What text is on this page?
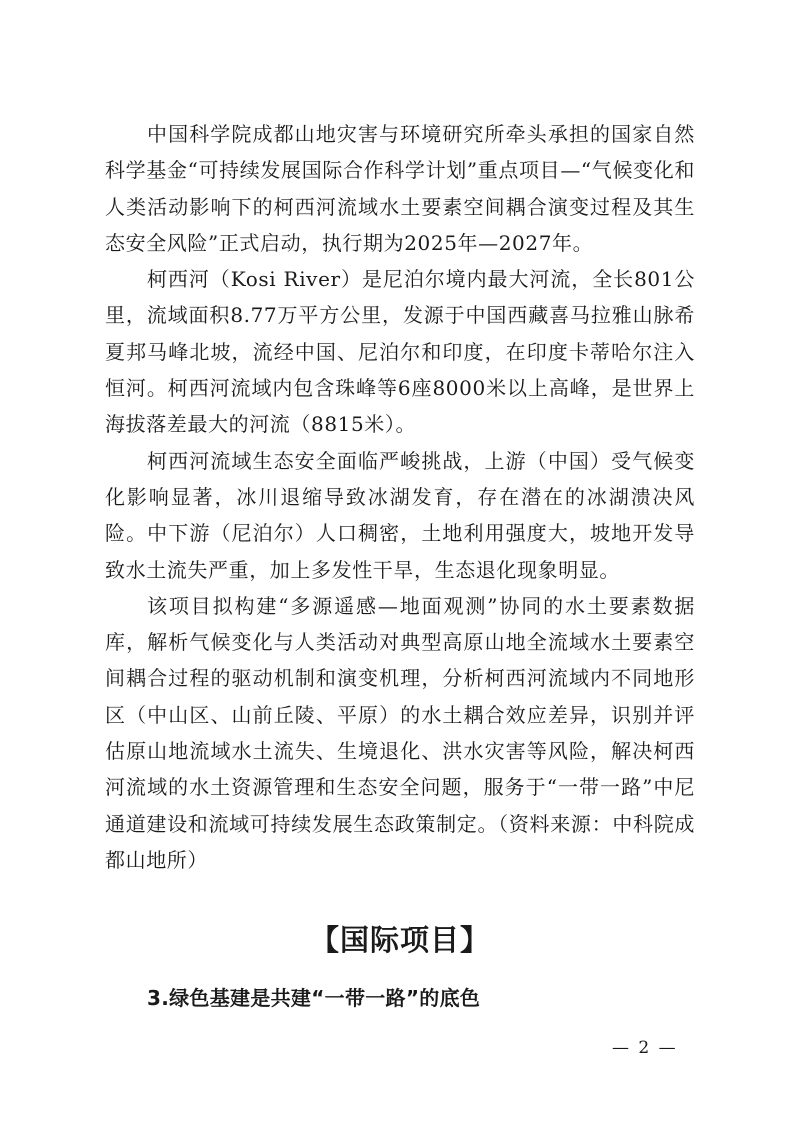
中国科学院成都山地灾害与环境研究所牵头承担的国家自然科学基金“可持续发展国际合作科学计划”重点项目—“气候变化和人类活动影响下的柯西河流域水土要素空间耦合演变过程及其生态安全风险”正式启动，执行期为2025年—2027年。

柯西河（Kosi River）是尼泊尔境内最大河流，全长801公里，流域面积8.77万平方公里，发源于中国西藏喜马拉雅山脉希夏邦马峰北坡，流经中国、尼泊尔和印度，在印度卡蒂哈尔注入恒河。柯西河流域内包含珠峰等6座8000米以上高峰，是世界上海拔落差最大的河流（8815米）。

柯西河流域生态安全面临严峻挑战，上游（中国）受气候变化影响显著，冰川退缩导致冰湖发育，存在潜在的冰湖溃决风险。中下游（尼泊尔）人口稠密，土地利用强度大，坡地开发导致水土流失严重，加上多发性干旱，生态退化现象明显。

该项目拟构建“多源遥感—地面观测”协同的水土要素数据库，解析气候变化与人类活动对典型高原山地全流域水土要素空间耦合过程的驱动机制和演变机理，分析柯西河流域内不同地形区（中山区、山前丘陵、平原）的水土耦合效应差异，识别并评估原山地流域水土流失、生境退化、洪水灾害等风险，解决柯西河流域的水土资源管理和生态安全问题，服务于“一带一路”中尼通道建设和流域可持续发展生态政策制定。（资料来源：中科院成都山地所）

【国际项目】
3.绿色基建是共建“一带一路”的底色
— 2 —
